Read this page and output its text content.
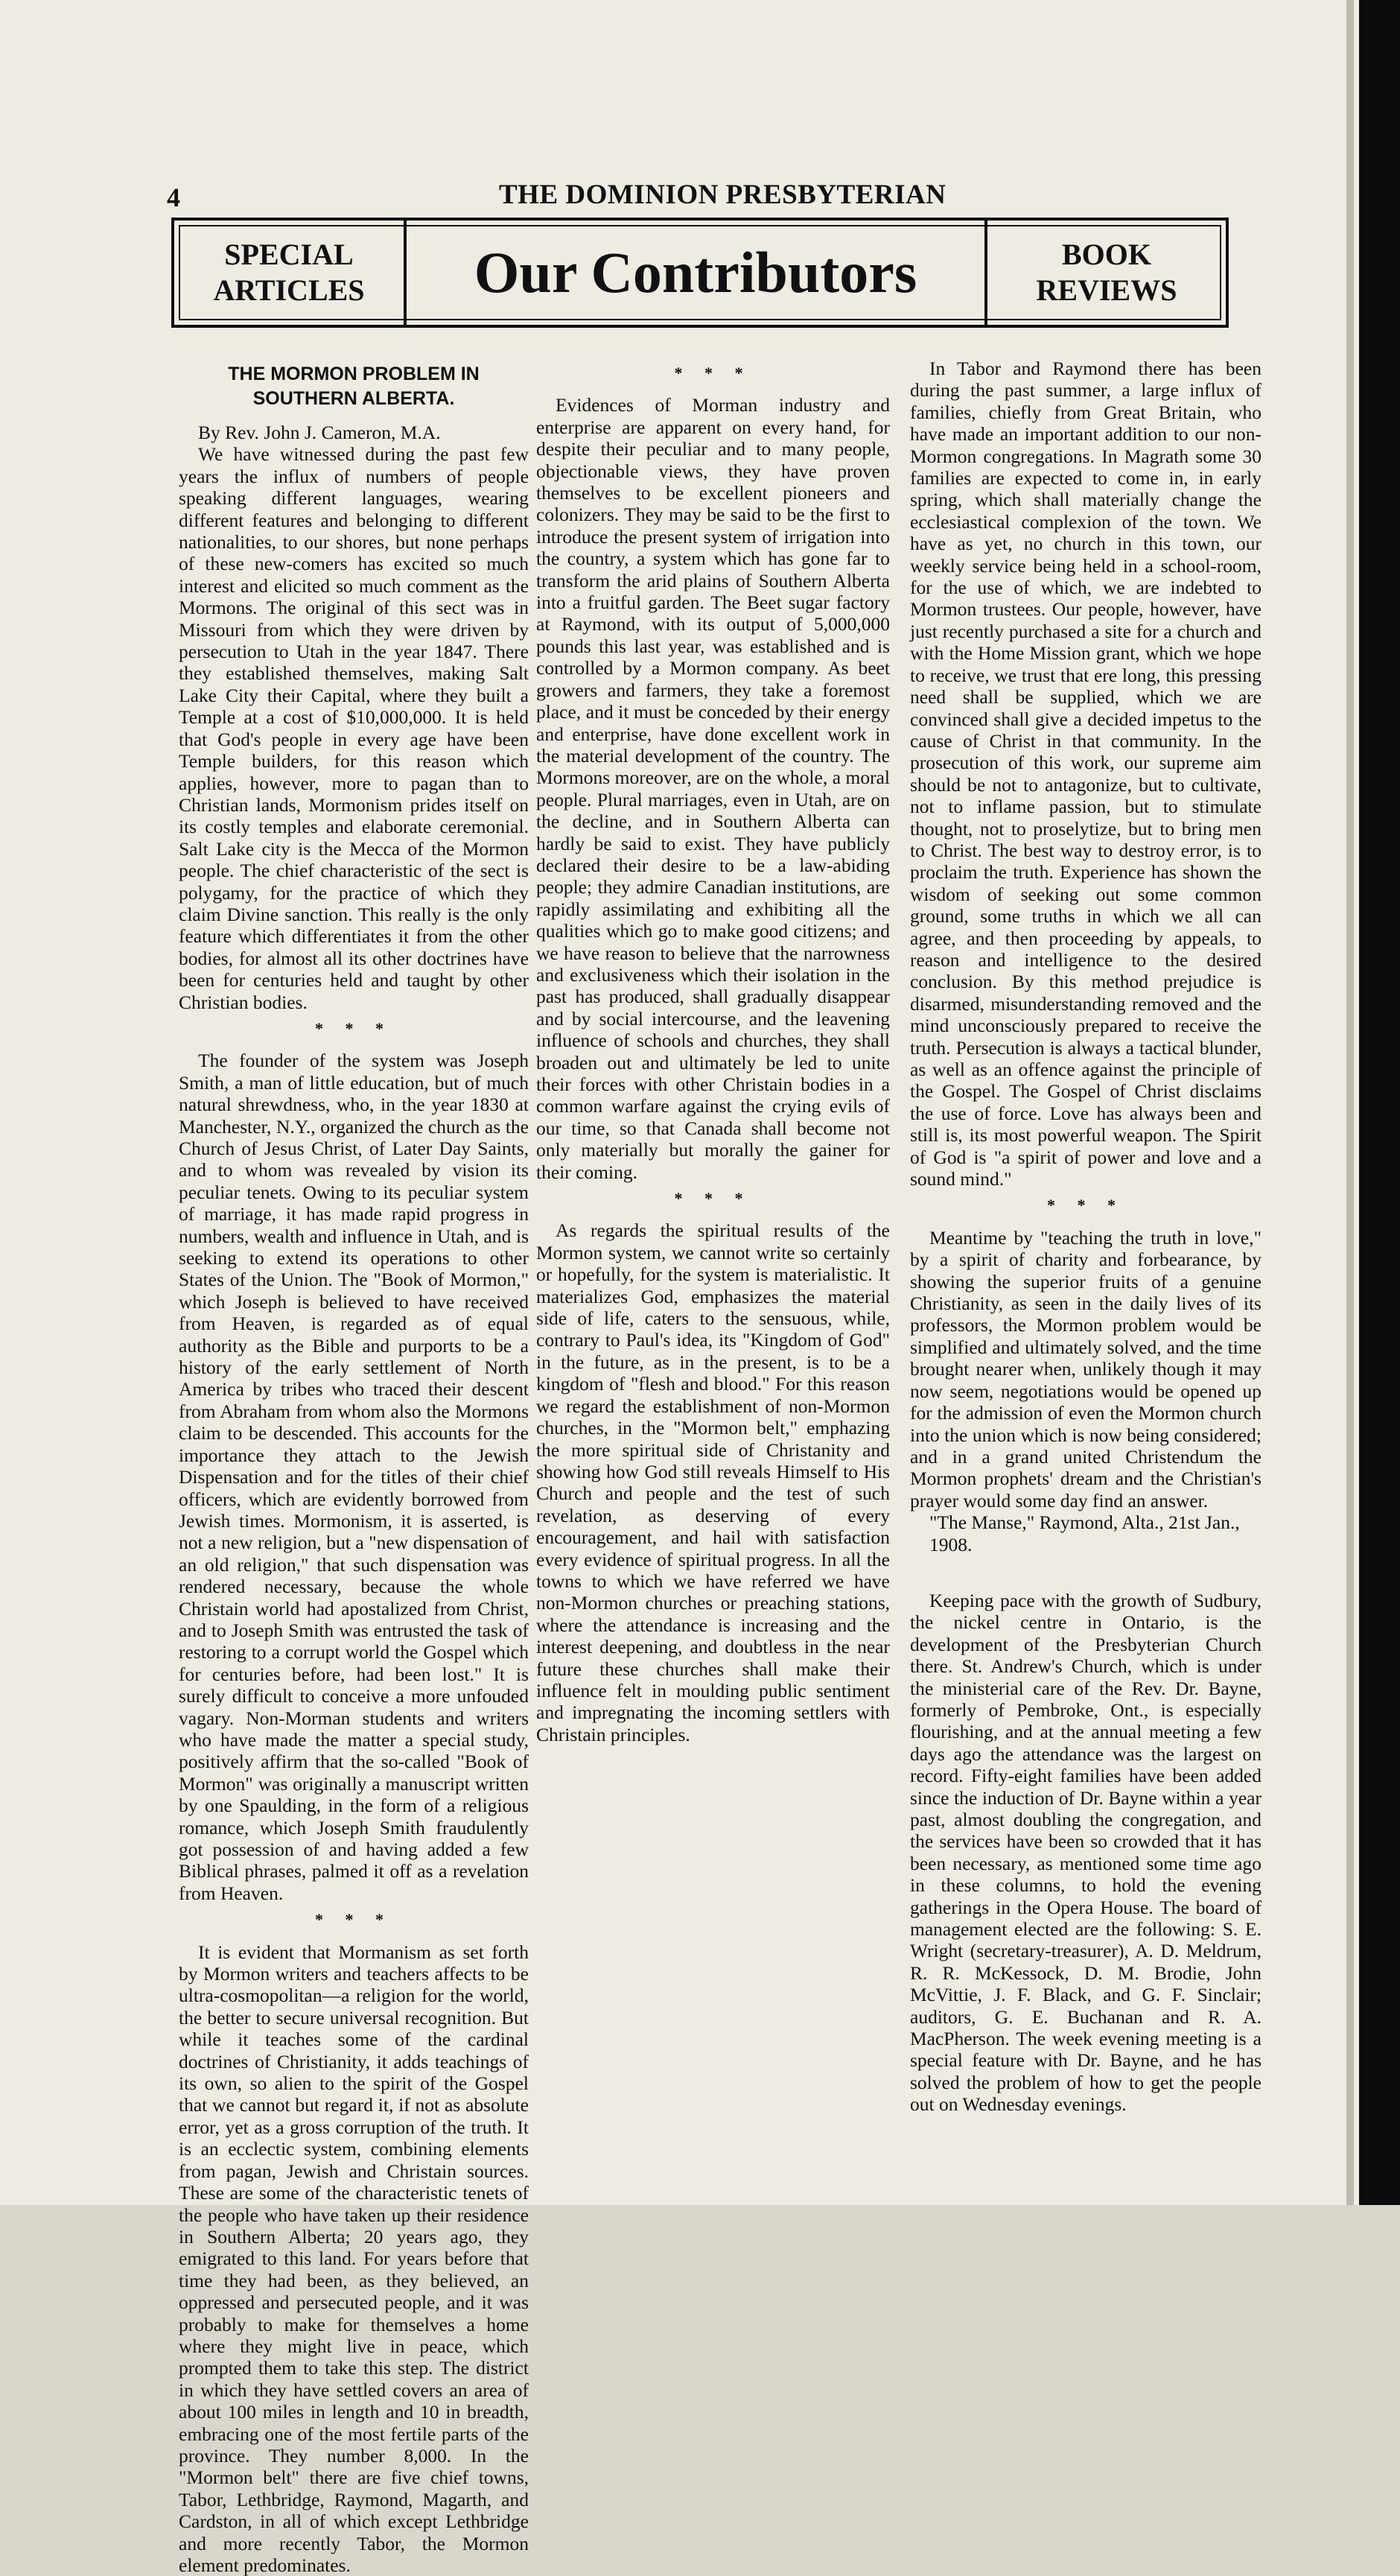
4	THE DOMINION PRESBYTERIAN
SPECIAL
ARTICLES	Our Contributors	BOOK
REVIEWS
THE MORMON PROBLEM IN
SOUTHERN ALBERTA.

By Rev. John J. Cameron, M.A.

We have witnessed during the past few years the influx of numbers of people speaking different languages, wearing different features and belonging to different nationalities, to our shores, but none perhaps of these new-comers has excited so much interest and elicited so much comment as the Mormons. The original of this sect was in Missouri from which they were driven by persecution to Utah in the year 1847. There they established themselves, making Salt Lake City their Capital, where they built a Temple at a cost of $10,000,000. It is held that God's people in every age have been Temple builders, for this reason which applies, however, more to pagan than to Christian lands, Mormonism prides itself on its costly temples and elaborate ceremonial. Salt Lake city is the Mecca of the Mormon people. The chief characteristic of the sect is polygamy, for the practice of which they claim Divine sanction. This really is the only feature which differentiates it from the other bodies, for almost all its other doctrines have been for centuries held and taught by other Christian bodies.

* * *

The founder of the system was Joseph Smith, a man of little education, but of much natural shrewdness, who, in the year 1830 at Manchester, N.Y., organized the church as the Church of Jesus Christ, of Later Day Saints, and to whom was revealed by vision its peculiar tenets. Owing to its peculiar system of marriage, it has made rapid progress in numbers, wealth and influence in Utah, and is seeking to extend its operations to other States of the Union. The "Book of Mormon," which Joseph is believed to have received from Heaven, is regarded as of equal authority as the Bible and purports to be a history of the early settlement of North America by tribes who traced their descent from Abraham from whom also the Mormons claim to be descended. This accounts for the importance they attach to the Jewish Dispensation and for the titles of their chief officers, which are evidently borrowed from Jewish times. Mormonism, it is asserted, is not a new religion, but a "new dispensation of an old religion," that such dispensation was rendered necessary, because the whole Christain world had apostalized from Christ, and to Joseph Smith was entrusted the task of restoring to a corrupt world the Gospel which for centuries before, had been lost." It is surely difficult to conceive a more unfouded vagary. Non-Morman students and writers who have made the matter a special study, positively affirm that the so-called "Book of Mormon" was originally a manuscript written by one Spaulding, in the form of a religious romance, which Joseph Smith fraudulently got possession of and having added a few Biblical phrases, palmed it off as a revelation from Heaven.

* * *

It is evident that Mormanism as set forth by Mormon writers and teachers affects to be ultra-cosmopolitan—a religion for the world, the better to secure universal recognition. But while it teaches some of the cardinal doctrines of Christianity, it adds teachings of its own, so alien to the spirit of the Gospel that we cannot but regard it, if not as absolute error, yet as a gross corruption of the truth. It is an ecclectic system, combining elements from pagan, Jewish and Christain sources. These are some of the characteristic tenets of the people who have taken up their residence in Southern Alberta; 20 years ago, they emigrated to this land. For years before that time they had been, as they believed, an oppressed and persecuted people, and it was probably to make for themselves a home where they might live in peace, which prompted them to take this step. The district in which they have settled covers an area of about 100 miles in length and 10 in breadth, embracing one of the most fertile parts of the province. They number 8,000. In the "Mormon belt" there are five chief towns, Tabor, Lethbridge, Raymond, Magarth, and Cardston, in all of which except Lethbridge and more recently Tabor, the Mormon element predominates.

* * *

Evidences of Morman industry and enterprise are apparent on every hand, for despite their peculiar and to many people, objectionable views, they have proven themselves to be excellent pioneers and colonizers. They may be said to be the first to introduce the present system of irrigation into the country, a system which has gone far to transform the arid plains of Southern Alberta into a fruitful garden. The Beet sugar factory at Raymond, with its output of 5,000,000 pounds this last year, was established and is controlled by a Mormon company. As beet growers and farmers, they take a foremost place, and it must be conceded by their energy and enterprise, have done excellent work in the material development of the country. The Mormons moreover, are on the whole, a moral people. Plural marriages, even in Utah, are on the decline, and in Southern Alberta can hardly be said to exist. They have publicly declared their desire to be a law-abiding people; they admire Canadian institutions, are rapidly assimilating and exhibiting all the qualities which go to make good citizens; and we have reason to believe that the narrowness and exclusiveness which their isolation in the past has produced, shall gradually disappear and by social intercourse, and the leavening influence of schools and churches, they shall broaden out and ultimately be led to unite their forces with other Christain bodies in a common warfare against the crying evils of our time, so that Canada shall become not only materially but morally the gainer for their coming.

* * *

As regards the spiritual results of the Mormon system, we cannot write so certainly or hopefully, for the system is materialistic. It materializes God, emphasizes the material side of life, caters to the sensuous, while, contrary to Paul's idea, its "Kingdom of God" in the future, as in the present, is to be a kingdom of "flesh and blood." For this reason we regard the establishment of non-Mormon churches, in the "Mormon belt," emphazing the more spiritual side of Christanity and showing how God still reveals Himself to His Church and people and the test of such revelation, as deserving of every encouragement, and hail with satisfaction every evidence of spiritual progress. In all the towns to which we have referred we have non-Mormon churches or preaching stations, where the attendance is increasing and the interest deepening, and doubtless in the near future these churches shall make their influence felt in moulding public sentiment and impregnating the incoming settlers with Christain principles.

In Tabor and Raymond there has been during the past summer, a large influx of families, chiefly from Great Britain, who have made an important addition to our non-Mormon congregations. In Magrath some 30 families are expected to come in, in early spring, which shall materially change the ecclesiastical complexion of the town. We have as yet, no church in this town, our weekly service being held in a school-room, for the use of which, we are indebted to Mormon trustees. Our people, however, have just recently purchased a site for a church and with the Home Mission grant, which we hope to receive, we trust that ere long, this pressing need shall be supplied, which we are convinced shall give a decided impetus to the cause of Christ in that community. In the prosecution of this work, our supreme aim should be not to antagonize, but to cultivate, not to inflame passion, but to stimulate thought, not to proselytize, but to bring men to Christ. The best way to destroy error, is to proclaim the truth. Experience has shown the wisdom of seeking out some common ground, some truths in which we all can agree, and then proceeding by appeals, to reason and intelligence to the desired conclusion. By this method prejudice is disarmed, misunderstanding removed and the mind unconsciously prepared to receive the truth. Persecution is always a tactical blunder, as well as an offence against the principle of the Gospel. The Gospel of Christ disclaims the use of force. Love has always been and still is, its most powerful weapon. The Spirit of God is "a spirit of power and love and a sound mind."

* * *

Meantime by "teaching the truth in love," by a spirit of charity and forbearance, by showing the superior fruits of a genuine Christianity, as seen in the daily lives of its professors, the Mormon problem would be simplified and ultimately solved, and the time brought nearer when, unlikely though it may now seem, negotiations would be opened up for the admission of even the Mormon church into the union which is now being considered; and in a grand united Christendum the Mormon prophets' dream and the Christian's prayer would some day find an answer.

"The Manse," Raymond, Alta., 21st Jan.,

1908.

Keeping pace with the growth of Sudbury, the nickel centre in Ontario, is the development of the Presbyterian Church there. St. Andrew's Church, which is under the ministerial care of the Rev. Dr. Bayne, formerly of Pembroke, Ont., is especially flourishing, and at the annual meeting a few days ago the attendance was the largest on record. Fifty-eight families have been added since the induction of Dr. Bayne within a year past, almost doubling the congregation, and the services have been so crowded that it has been necessary, as mentioned some time ago in these columns, to hold the evening gatherings in the Opera House. The board of management elected are the following: S. E. Wright (secretary-treasurer), A. D. Meldrum, R. R. McKessock, D. M. Brodie, John McVittie, J. F. Black, and G. F. Sinclair; auditors, G. E. Buchanan and R. A. MacPherson. The week evening meeting is a special feature with Dr. Bayne, and he has solved the problem of how to get the people out on Wednesday evenings.
